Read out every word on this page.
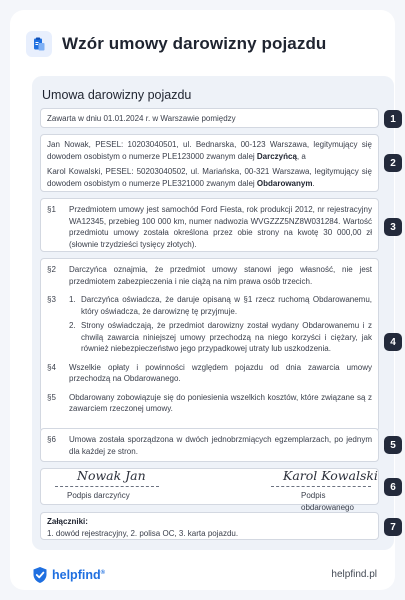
Wzór umowy darowizny pojazdu
Umowa darowizny pojazdu
Zawarta w dniu 01.01.2024 r. w Warszawie pomiędzy	1
Jan Nowak, PESEL: 10203040501, ul. Bednarska, 00-123 Warszawa, legitymujący się dowodem osobistym o numerze PLE123000 zwanym dalej Darczyńcą, a
Karol Kowalski, PESEL: 50203040502, ul. Mariańska, 00-321 Warszawa, legitymujący się dowodem osobistym o numerze PLE321000 zwanym dalej Obdarowanym.
2
§1	Przedmiotem umowy jest samochód Ford Fiesta, rok produkcji 2012, nr rejestracyjny WA12345, przebieg 100 000 km, numer nadwozia WVGZZZ5NZ8W031284. Wartość przedmiotu umowy została określona przez obie strony na kwotę 30 000,00 zł (słownie trzydzieści tysięcy złotych).
3
§2	Darczyńca oznajmia, że przedmiot umowy stanowi jego własność, nie jest przedmiotem zabezpieczenia i nie ciążą na nim prawa osób trzecich.
§3	1. Darczyńca oświadcza, że daruje opisaną w §1 rzecz ruchomą Obdarowanemu, który oświadcza, że darowiznę tę przyjmuje.
2. Strony oświadczają, że przedmiot darowizny został wydany Obdarowanemu i z chwilą zawarcia niniejszej umowy przechodzą na niego korzyści i ciężary, jak również niebezpieczeństwo jego przypadkowej utraty lub uszkodzenia.
§4	Wszelkie opłaty i powinności względem pojazdu od dnia zawarcia umowy przechodzą na Obdarowanego.
§5	Obdarowany zobowiązuje się do poniesienia wszelkich kosztów, które związane są z zawarciem rzeczonej umowy.
4
§6	Umowa została sporządzona w dwóch jednobrzmiących egzemplarzach, po jednym dla każdej ze stron.
5
Nowak Jan
Podpis darczyńcy
Karol Kowalski
Podpis obdarowanego
6
Załączniki:
1. dowód rejestracyjny, 2. polisa OC, 3. karta pojazdu.
7
helpfind®	helpfind.pl
